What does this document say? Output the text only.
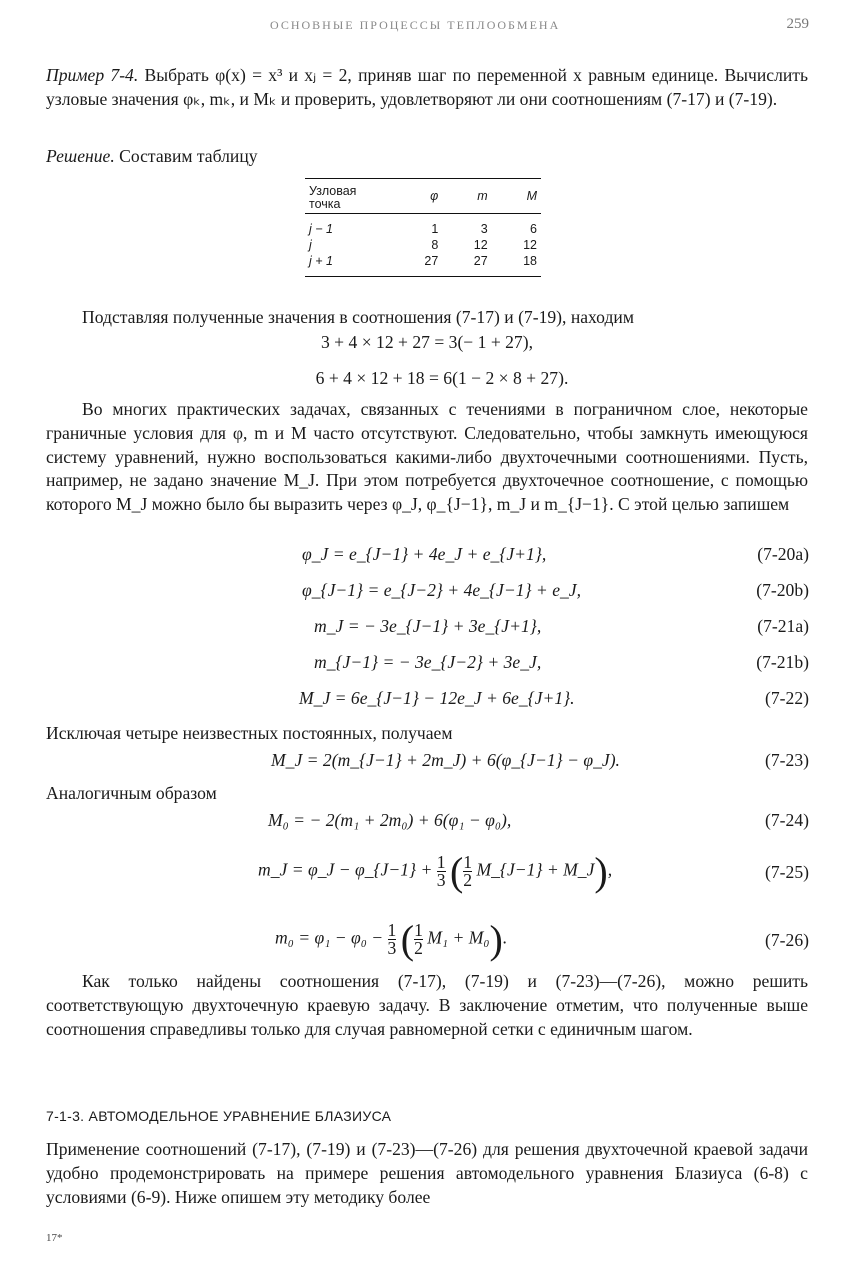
ОСНОВНЫЕ ПРОЦЕССЫ ТЕПЛООБМЕНА	259
Пример 7-4. Выбрать φ(x) = x³ и xⱼ = 2, приняв шаг по переменной x равным единице. Вычислить узловые значения φₖ, mₖ, и Mₖ и проверить, удовлетворяют ли они соотношениям (7-17) и (7-19).
Решение. Составим таблицу
Узловая точка	φ	m	M
j − 1	1	3	6
j	8	12	12
j + 1	27	27	18

Подставляя полученные значения в соотношения (7-17) и (7-19), находим
3 + 4 × 12 + 27 = 3(− 1 + 27),
6 + 4 × 12 + 18 = 6(1 − 2 × 8 + 27).
Во многих практических задачах, связанных с течениями в пограничном слое, некоторые граничные условия для φ, m и M часто отсутствуют. Следовательно, чтобы замкнуть имеющуюся систему уравнений, нужно воспользоваться какими-либо двухточечными соотношениями. Пусть, например, не задано значение M_J. При этом потребуется двухточечное соотношение, с помощью которого M_J можно было бы выразить через φ_J, φ_{J−1}, m_J и m_{J−1}. С этой целью запишем
φ_J = e_{J−1} + 4e_J + e_{J+1},	(7-20a)
φ_{J−1} = e_{J−2} + 4e_{J−1} + e_J,	(7-20b)
m_J = − 3e_{J−1} + 3e_{J+1},	(7-21a)
m_{J−1} = − 3e_{J−2} + 3e_J,	(7-21b)
M_J = 6e_{J−1} − 12e_J + 6e_{J+1}.	(7-22)
Исключая четыре неизвестных постоянных, получаем
M_J = 2(m_{J−1} + 2m_J) + 6(φ_{J−1} − φ_J).	(7-23)
Аналогичным образом
M₀ = − 2(m₁ + 2m₀) + 6(φ₁ − φ₀),	(7-24)
m_J = φ_J − φ_{J−1} + $\frac{1}{3}$ ( $\frac{1}{2}$ M_{J−1} + M_J),	(7-25)
$m_0 = \varphi_1 - \varphi_0 - \frac{1}{3}$ ( $\frac{1}{2} M_1 + M_0$).	(7-26)
Как только найдены соотношения (7-17), (7-19) и (7-23)—(7-26), можно решить соответствующую двухточечную краевую задачу. В заключение отметим, что полученные выше соотношения справедливы только для случая равномерной сетки с единичным шагом.
7-1-3. АВТОМОДЕЛЬНОЕ УРАВНЕНИЕ БЛАЗИУСА
Применение соотношений (7-17), (7-19) и (7-23)—(7-26) для решения двухточечной краевой задачи удобно продемонстрировать на примере решения автомодельного уравнения Блазиуса (6-8) с условиями (6-9). Ниже опишем эту методику более
17*
